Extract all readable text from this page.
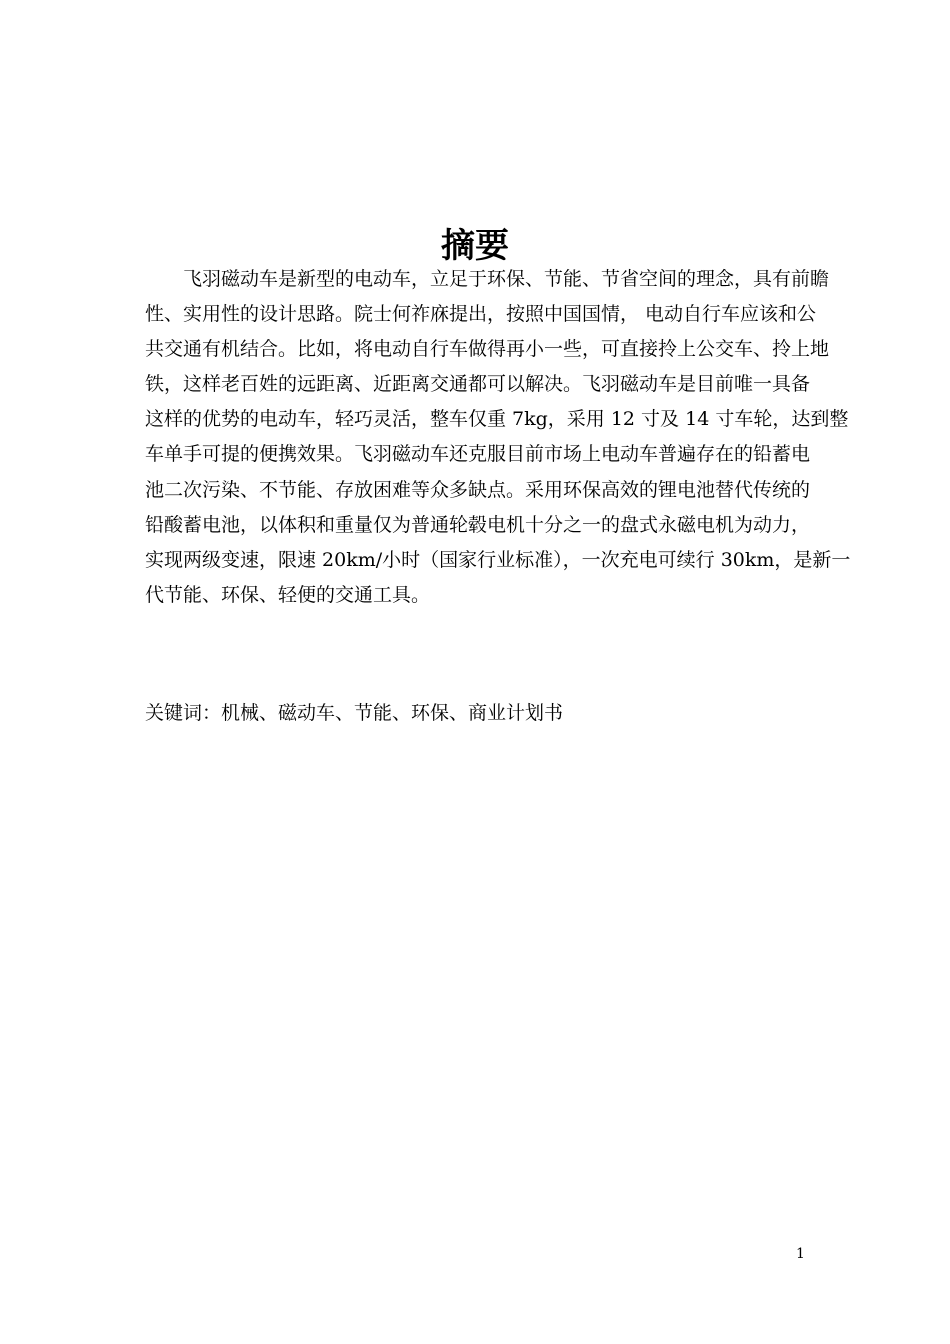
摘要
飞羽磁动车是新型的电动车，立足于环保、节能、节省空间的理念，具有前瞻
性、实用性的设计思路。院士何祚庥提出，按照中国国情， 电动自行车应该和公
共交通有机结合。比如，将电动自行车做得再小一些，可直接拎上公交车、拎上地
铁，这样老百姓的远距离、近距离交通都可以解决。飞羽磁动车是目前唯一具备
这样的优势的电动车，轻巧灵活，整车仅重 7kg，采用 12 寸及 14 寸车轮，达到整
车单手可提的便携效果。飞羽磁动车还克服目前市场上电动车普遍存在的铅蓄电
池二次污染、不节能、存放困难等众多缺点。采用环保高效的锂电池替代传统的
铅酸蓄电池，以体积和重量仅为普通轮毂电机十分之一的盘式永磁电机为动力，
实现两级变速，限速 20km/小时（国家行业标准），一次充电可续行 30km，是新一
代节能、环保、轻便的交通工具。
关键词：机械、磁动车、节能、环保、商业计划书
1
